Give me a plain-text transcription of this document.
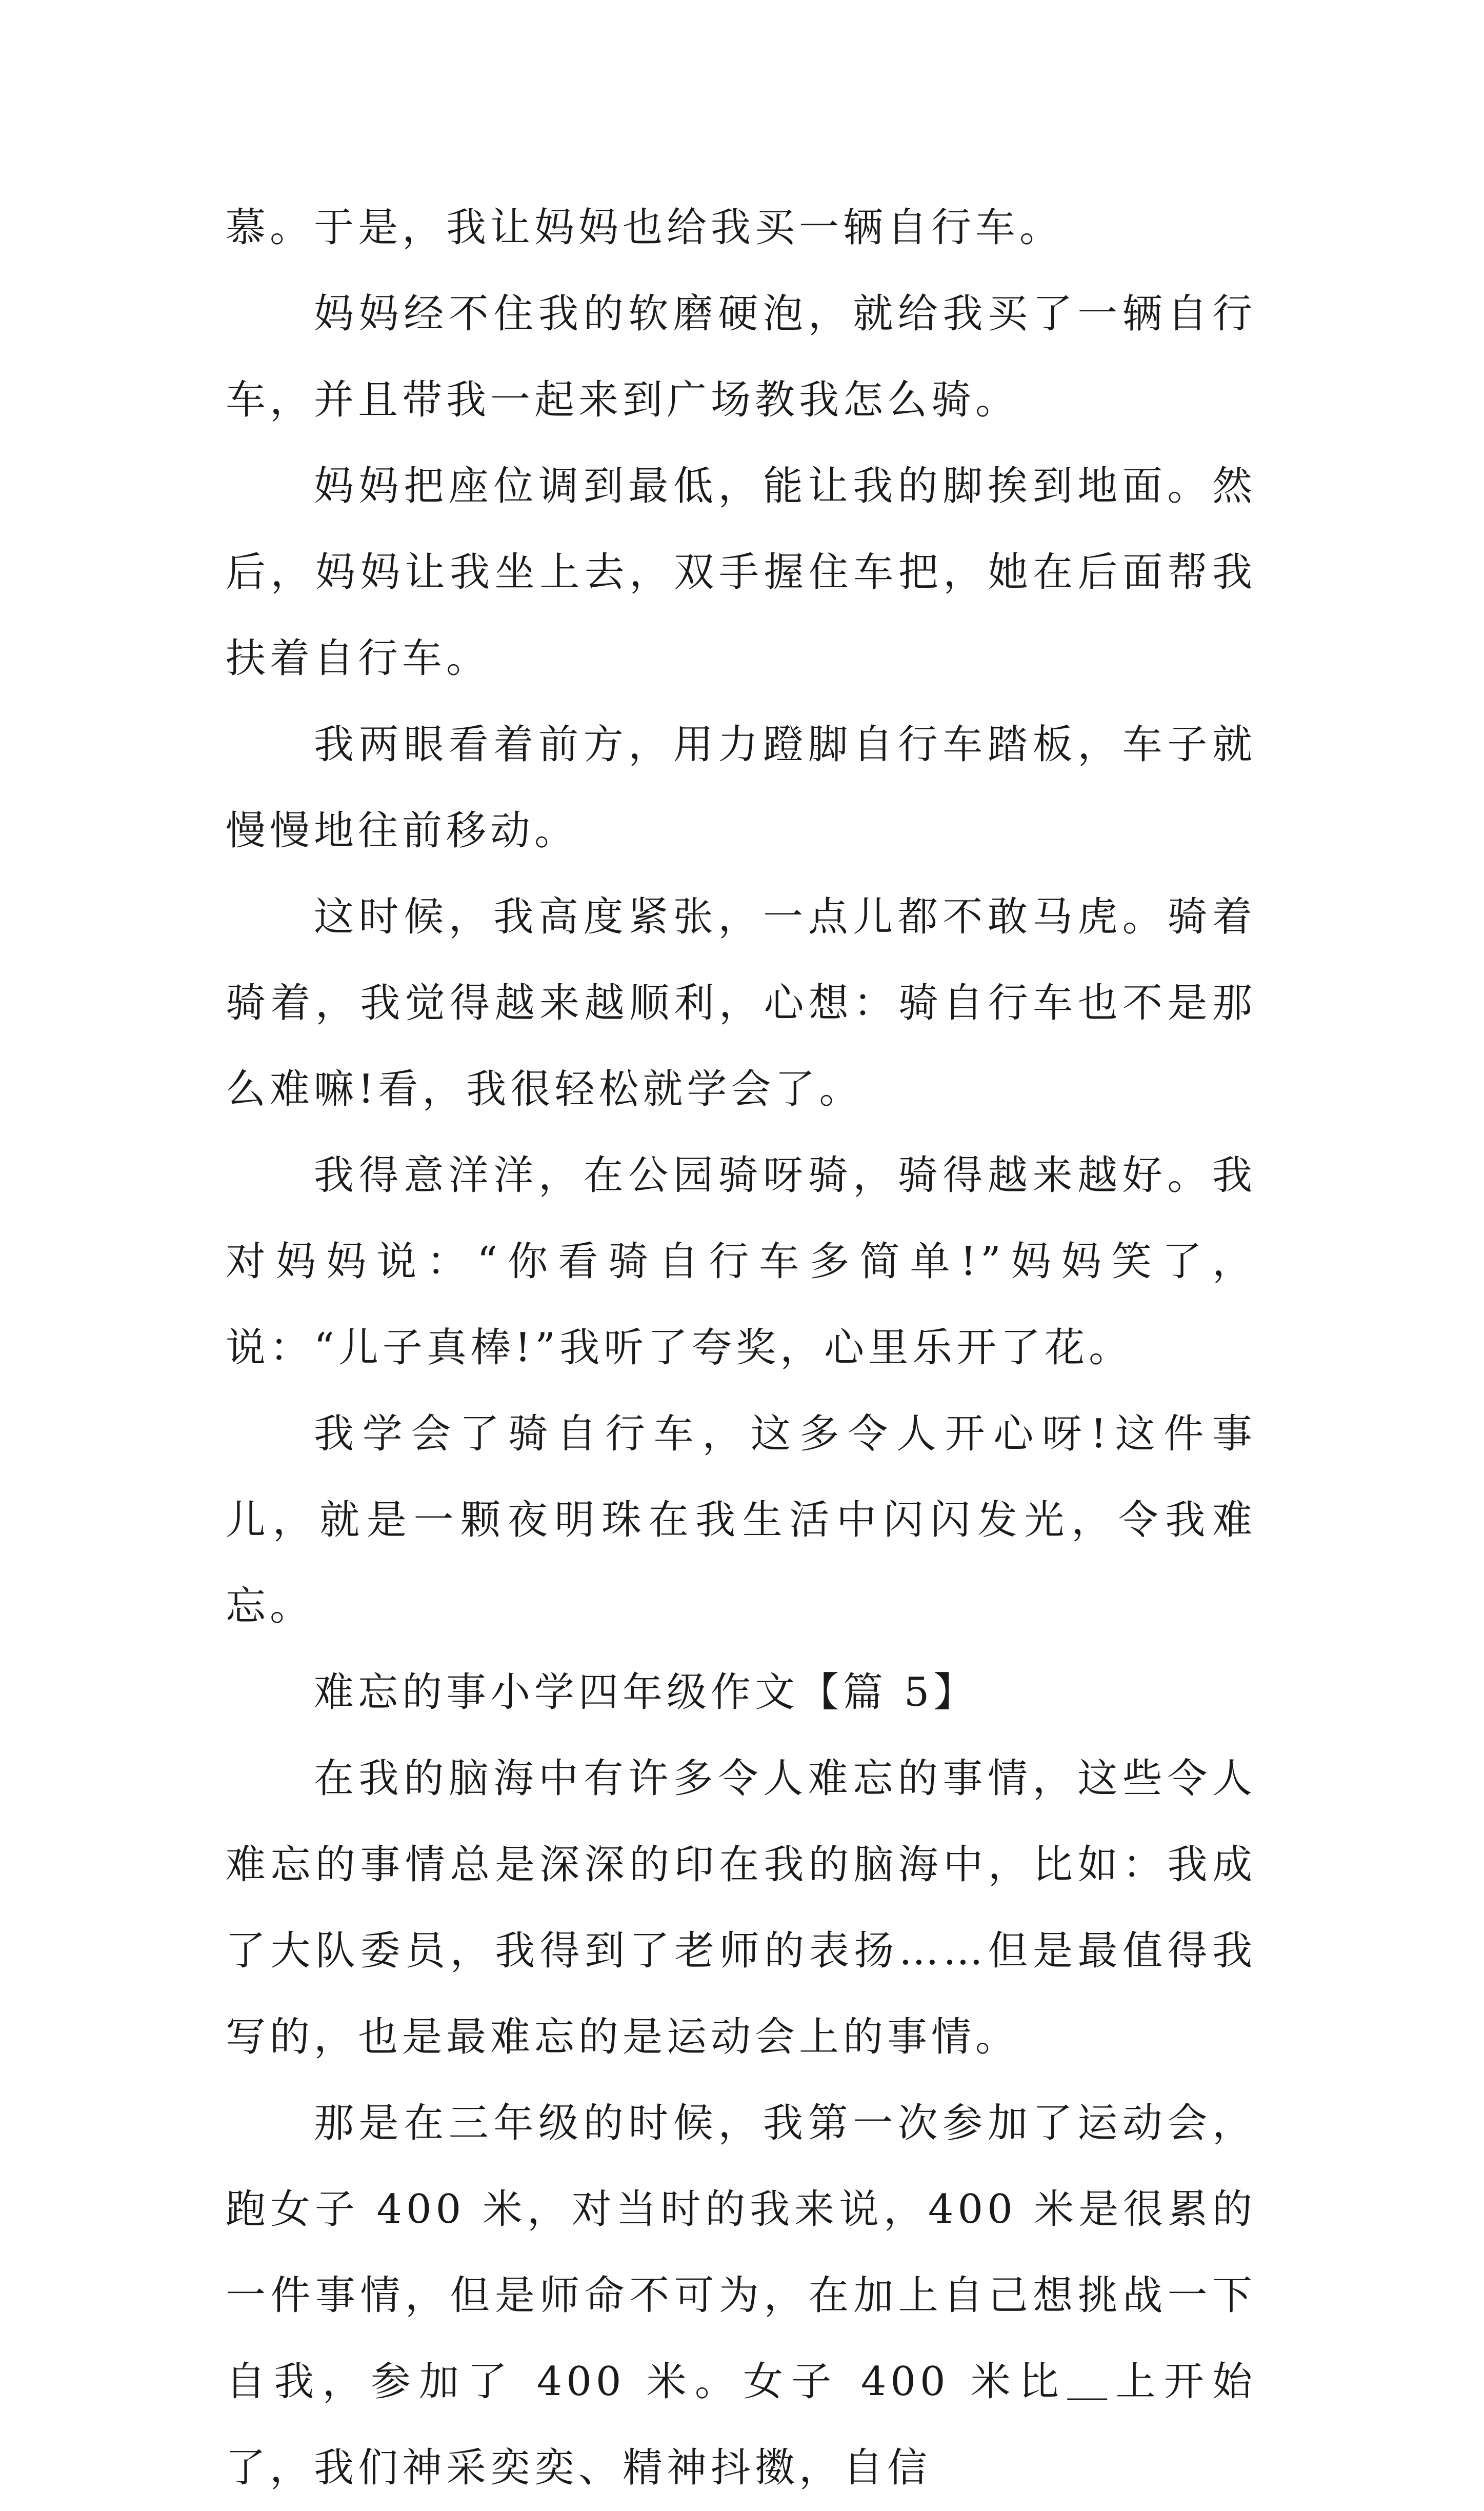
慕。于是，我让妈妈也给我买一辆自行车。

妈妈经不住我的软磨硬泡，就给我买了一辆自行车，并且带我一起来到广场教我怎么骑。

妈妈把座位调到最低，能让我的脚挨到地面。然后，妈妈让我坐上去，双手握住车把，她在后面帮我扶着自行车。

我两眼看着前方，用力蹬脚自行车踏板，车子就慢慢地往前移动。

这时候，我高度紧张，一点儿都不敢马虎。骑着骑着，我觉得越来越顺利，心想：骑自行车也不是那么难嘛!看，我很轻松就学会了。

我得意洋洋，在公园骑呀骑，骑得越来越好。我对妈妈说：“你看骑自行车多简单!”妈妈笑了，说：“儿子真棒!”我听了夸奖，心里乐开了花。

我学会了骑自行车，这多令人开心呀!这件事儿，就是一颗夜明珠在我生活中闪闪发光，令我难忘。

难忘的事小学四年级作文【篇 5】

在我的脑海中有许多令人难忘的事情，这些令人难忘的事情总是深深的印在我的脑海中，比如：我成了大队委员，我得到了老师的表扬……但是最值得我写的，也是最难忘的是运动会上的事情。

那是在三年级的时候，我第一次参加了运动会，跑女子 400 米，对当时的我来说，400 米是很累的一件事情，但是师命不可为，在加上自己想挑战一下自我，参加了 400 米。女子 400 米比＿上开始了，我们神采奕奕、精神抖擞，自信
